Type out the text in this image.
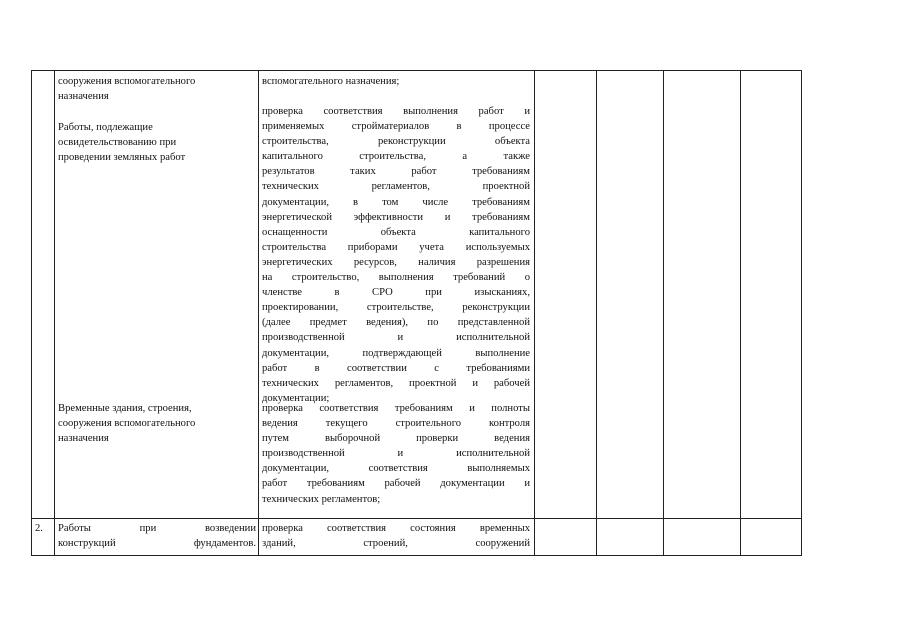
сооружения вспомогательного
назначения
Работы, подлежащие
освидетельствованию при
проведении земляных работ
Временные здания, строения,
сооружения вспомогательного
назначения
вспомогательного назначения;
проверка соответствия выполнения работ и
применяемых стройматериалов в процессе
строительства, реконструкции объекта
капитального строительства, а также
результатов таких работ требованиям
технических регламентов, проектной
документации, в том числе требованиям
энергетической эффективности и требованиям
оснащенности объекта капитального
строительства приборами учета используемых
энергетических ресурсов, наличия разрешения
на строительство, выполнения требований о
членстве в СРО при изысканиях,
проектировании, строительстве, реконструкции
(далее предмет ведения), по представленной
производственной и исполнительной
документации, подтверждающей выполнение
работ в соответствии с требованиями
технических регламентов, проектной и рабочей
документации;
проверка соответствия требованиям и полноты
ведения текущего строительного контроля
путем выборочной проверки ведения
производственной и исполнительной
документации, соответствия выполняемых
работ требованиям рабочей документации и
технических регламентов;
2.	Работы при возведении
конструкций фундаментов.
проверка соответствия состояния временных
зданий, строений, сооружений
